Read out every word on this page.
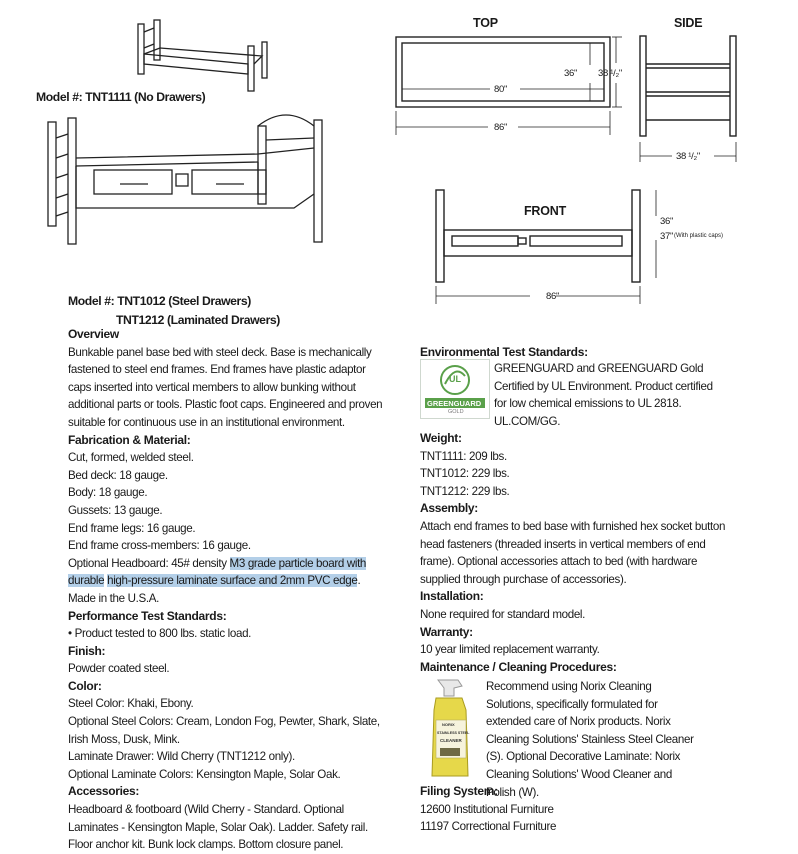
TOP
80"
86"
36" 38 ¹/₂"
SIDE
38 ¹/₂"
FRONT
36"
37" (With plastic caps)
86"
Model #: TNT1111 (No Drawers)
Model #: TNT1012 (Steel Drawers)
TNT1212 (Laminated Drawers)

Overview

Bunkable panel base bed with steel deck. Base is mechanically fastened to steel end frames. End frames have plastic adaptor caps inserted into vertical members to allow bunking without additional parts or tools. Plastic foot caps. Engineered and proven suitable for continuous use in an institutional environment.

Fabrication & Material:

Cut, formed, welded steel.

Bed deck: 18 gauge.

Body: 18 gauge.

Gussets: 13 gauge.

End frame legs: 16 gauge.

End frame cross-members: 16 gauge.

Optional Headboard: 45# density M3 grade particle board with durable high-pressure laminate surface and 2mm PVC edge. Made in the U.S.A.

Performance Test Standards:

• Product tested to 800 lbs. static load.

Finish:

Powder coated steel.

Color:

Steel Color: Khaki, Ebony.

Optional Steel Colors: Cream, London Fog, Pewter, Shark, Slate, Irish Moss, Dusk, Mink.

Laminate Drawer: Wild Cherry (TNT1212 only).

Optional Laminate Colors: Kensington Maple, Solar Oak.

Accessories:

Headboard & footboard (Wild Cherry - Standard. Optional Laminates - Kensington Maple, Solar Oak). Ladder. Safety rail. Floor anchor kit. Bunk lock clamps. Bottom closure panel.

Environmental Test Standards:
UL
GREENGUARD
GOLD
GREENGUARD and GREENGUARD Gold Certified by UL Environment. Product certified for low chemical emissions to UL 2818. UL.COM/GG.

Weight:

TNT1111: 209 lbs.

TNT1012: 229 lbs.

TNT1212: 229 lbs.

Assembly:

Attach end frames to bed base with furnished hex socket button head fasteners (threaded inserts in vertical members of end frame). Optional accessories attach to bed (with hardware supplied through purchase of accessories).

Installation:

None required for standard model.

Warranty:

10 year limited replacement warranty.

Maintenance / Cleaning Procedures:

NORIX
STAINLESS STEEL
CLEANER
Recommend using Norix Cleaning Solutions, specifically formulated for extended care of Norix products. Norix Cleaning Solutions' Stainless Steel Cleaner (S). Optional Decorative Laminate: Norix Cleaning Solutions' Wood Cleaner and Polish (W).

Filing System:

12600 Institutional Furniture

11197 Correctional Furniture
